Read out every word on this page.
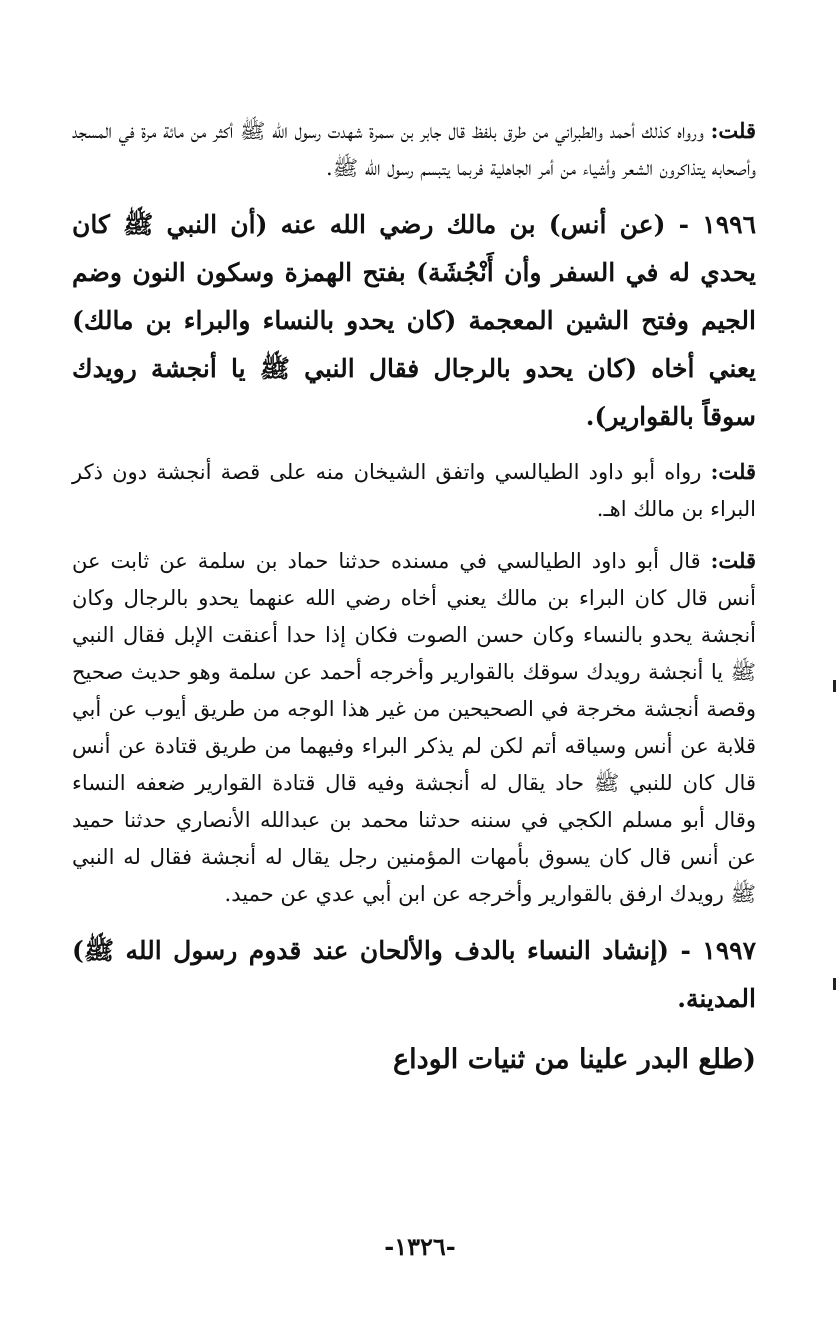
قلت: ورواه كذلك أحمد والطبراني من طرق بلفظ قال جابر بن سمرة شهدت رسول الله ﷺ أكثر من مائة مرة في المسجد وأصحابه يتذاكرون الشعر وأشياء من أمر الجاهلية فربما يتبسم رسول الله ﷺ.

١٩٩٦ - (عن أنس) بن مالك رضي الله عنه (أن النبي ﷺ كان يحدي له في السفر وأن أَنْجُشَة) بفتح الهمزة وسكون النون وضم الجيم وفتح الشين المعجمة (كان يحدو بالنساء والبراء بن مالك) يعني أخاه (كان يحدو بالرجال فقال النبي ﷺ يا أنجشة رويدك سوقاً بالقوارير).

قلت: رواه أبو داود الطيالسي واتفق الشيخان منه على قصة أنجشة دون ذكر البراء بن مالك اهـ.

قلت: قال أبو داود الطيالسي في مسنده حدثنا حماد بن سلمة عن ثابت عن أنس قال كان البراء بن مالك يعني أخاه رضي الله عنهما يحدو بالرجال وكان أنجشة يحدو بالنساء وكان حسن الصوت فكان إذا حدا أعنقت الإبل فقال النبي ﷺ يا أنجشة رويدك سوقك بالقوارير وأخرجه أحمد عن سلمة وهو حديث صحيح وقصة أنجشة مخرجة في الصحيحين من غير هذا الوجه من طريق أيوب عن أبي قلابة عن أنس وسياقه أتم لكن لم يذكر البراء وفيهما من طريق قتادة عن أنس قال كان للنبي ﷺ حاد يقال له أنجشة وفيه قال قتادة القوارير ضعفه النساء وقال أبو مسلم الكجي في سننه حدثنا محمد بن عبدالله الأنصاري حدثنا حميد عن أنس قال كان يسوق بأمهات المؤمنين رجل يقال له أنجشة فقال له النبي ﷺ رويدك ارفق بالقوارير وأخرجه عن ابن أبي عدي عن حميد.

١٩٩٧ - (إنشاد النساء بالدف والألحان عند قدوم رسول الله ﷺ) المدينة.

(طلع البدر علينا من ثنيات الوداع

-١٣٢٦-
